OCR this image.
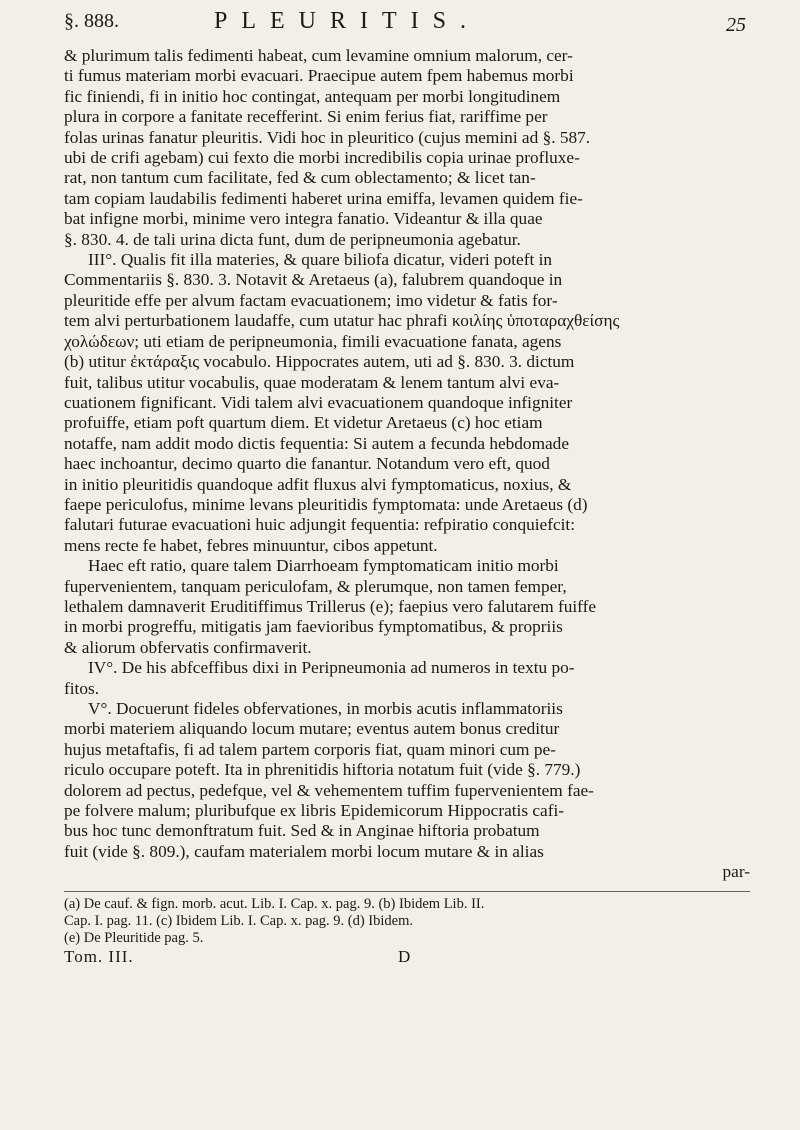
§. 888.	PLEURITIS.	25

& plurimum talis fedimenti habeat, cum levamine omnium malorum, cer-

ti fumus materiam morbi evacuari. Praecipue autem fpem habemus morbi

fic finiendi, fi in initio hoc contingat, antequam per morbi longitudinem

plura in corpore a fanitate recefferint. Si enim ferius fiat, rariffime per

folas urinas fanatur pleuritis. Vidi hoc in pleuritico (cujus memini ad §. 587.

ubi de crifi agebam) cui fexto die morbi incredibilis copia urinae profluxe-

rat, non tantum cum facilitate, fed & cum oblectamento; & licet tan-

tam copiam laudabilis fedimenti haberet urina emiffa, levamen quidem fie-

bat infigne morbi, minime vero integra fanatio. Videantur & illa quae

§. 830. 4. de tali urina dicta funt, dum de peripneumonia agebatur.

III°. Qualis fit illa materies, & quare biliofa dicatur, videri poteft in

Commentariis §. 830. 3. Notavit & Aretaeus (a), falubrem quandoque in

pleuritide effe per alvum factam evacuationem; imo videtur & fatis for-

tem alvi perturbationem laudaffe, cum utatur hac phrafi κοιλίης ὑποταραχθείσης

χολώδεων; uti etiam de peripneumonia, fimili evacuatione fanata, agens

(b) utitur ἐκτάραξις vocabulo. Hippocrates autem, uti ad §. 830. 3. dictum

fuit, talibus utitur vocabulis, quae moderatam & lenem tantum alvi eva-

cuationem fignificant. Vidi talem alvi evacuationem quandoque infigniter

profuiffe, etiam poft quartum diem. Et videtur Aretaeus (c) hoc etiam

notaffe, nam addit modo dictis fequentia: Si autem a fecunda hebdomade

haec inchoantur, decimo quarto die fanantur. Notandum vero eft, quod

in initio pleuritidis quandoque adfit fluxus alvi fymptomaticus, noxius, &

faepe periculofus, minime levans pleuritidis fymptomata: unde Aretaeus (d)

falutari futurae evacuationi huic adjungit fequentia: refpiratio conquiefcit:

mens recte fe habet, febres minuuntur, cibos appetunt.

Haec eft ratio, quare talem Diarrhoeam fymptomaticam initio morbi

fupervenientem, tanquam periculofam, & plerumque, non tamen femper,

lethalem damnaverit Eruditiffimus Trillerus (e); faepius vero falutarem fuiffe

in morbi progreffu, mitigatis jam faevioribus fymptomatibus, & propriis

& aliorum obfervatis confirmaverit.

IV°. De his abfceffibus dixi in Peripneumonia ad numeros in textu po-

fitos.

V°. Docuerunt fideles obfervationes, in morbis acutis inflammatoriis

morbi materiem aliquando locum mutare; eventus autem bonus creditur

hujus metaftafis, fi ad talem partem corporis fiat, quam minori cum pe-

riculo occupare poteft. Ita in phrenitidis hiftoria notatum fuit (vide §. 779.)

dolorem ad pectus, pedefque, vel & vehementem tuffim fupervenientem fae-

pe folvere malum; pluribufque ex libris Epidemicorum Hippocratis cafi-

bus hoc tunc demonftratum fuit. Sed & in Anginae hiftoria probatum

fuit (vide §. 809.), caufam materialem morbi locum mutare & in alias

par-

(a) De cauf. & fign. morb. acut. Lib. I. Cap. x. pag. 9. (b) Ibidem Lib. II.

Cap. I. pag. 11. (c) Ibidem Lib. I. Cap. x. pag. 9. (d) Ibidem.

(e) De Pleuritide pag. 5.

Tom. III.	D
